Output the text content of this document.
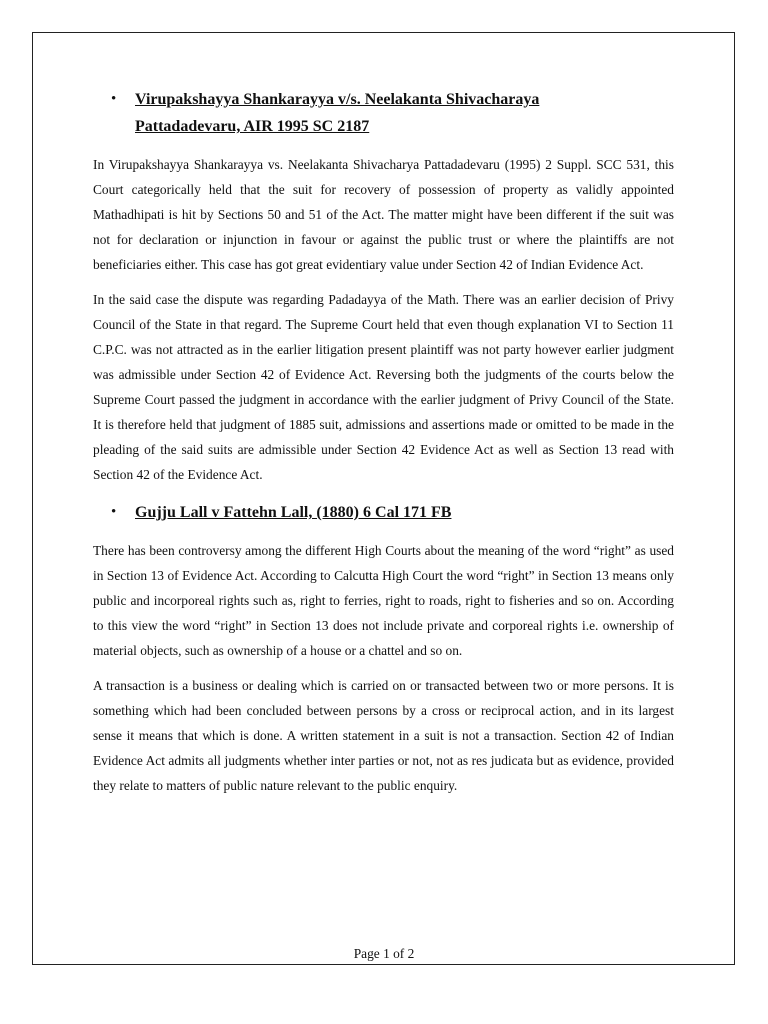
•	Virupakshayya Shankarayya v/s. Neelakanta Shivacharaya
Pattadadevaru, AIR 1995 SC 2187

In Virupakshayya Shankarayya vs. Neelakanta Shivacharya Pattadadevaru (1995) 2 Suppl. SCC 531, this Court categorically held that the suit for recovery of possession of property as validly appointed Mathadhipati is hit by Sections 50 and 51 of the Act. The matter might have been different if the suit was not for declaration or injunction in favour or against the public trust or where the plaintiffs are not beneficiaries either. This case has got great evidentiary value under Section 42 of Indian Evidence Act.

In the said case the dispute was regarding Padadayya of the Math. There was an earlier decision of Privy Council of the State in that regard. The Supreme Court held that even though explanation VI to Section 11 C.P.C. was not attracted as in the earlier litigation present plaintiff was not party however earlier judgment was admissible under Section 42 of Evidence Act. Reversing both the judgments of the courts below the Supreme Court passed the judgment in accordance with the earlier judgment of Privy Council of the State. It is therefore held that judgment of 1885 suit, admissions and assertions made or omitted to be made in the pleading of the said suits are admissible under Section 42 Evidence Act as well as Section 13 read with Section 42 of the Evidence Act.

•	Gujju Lall v Fattehn Lall, (1880) 6 Cal 171 FB

There has been controversy among the different High Courts about the meaning of the word “right” as used in Section 13 of Evidence Act. According to Calcutta High Court the word “right” in Section 13 means only public and incorporeal rights such as, right to ferries, right to roads, right to fisheries and so on. According to this view the word “right” in Section 13 does not include private and corporeal rights i.e. ownership of material objects, such as ownership of a house or a chattel and so on.

A transaction is a business or dealing which is carried on or transacted between two or more persons. It is something which had been concluded between persons by a cross or reciprocal action, and in its largest sense it means that which is done. A written statement in a suit is not a transaction. Section 42 of Indian Evidence Act admits all judgments whether inter parties or not, not as res judicata but as evidence, provided they relate to matters of public nature relevant to the public enquiry.

Page 1 of 2
